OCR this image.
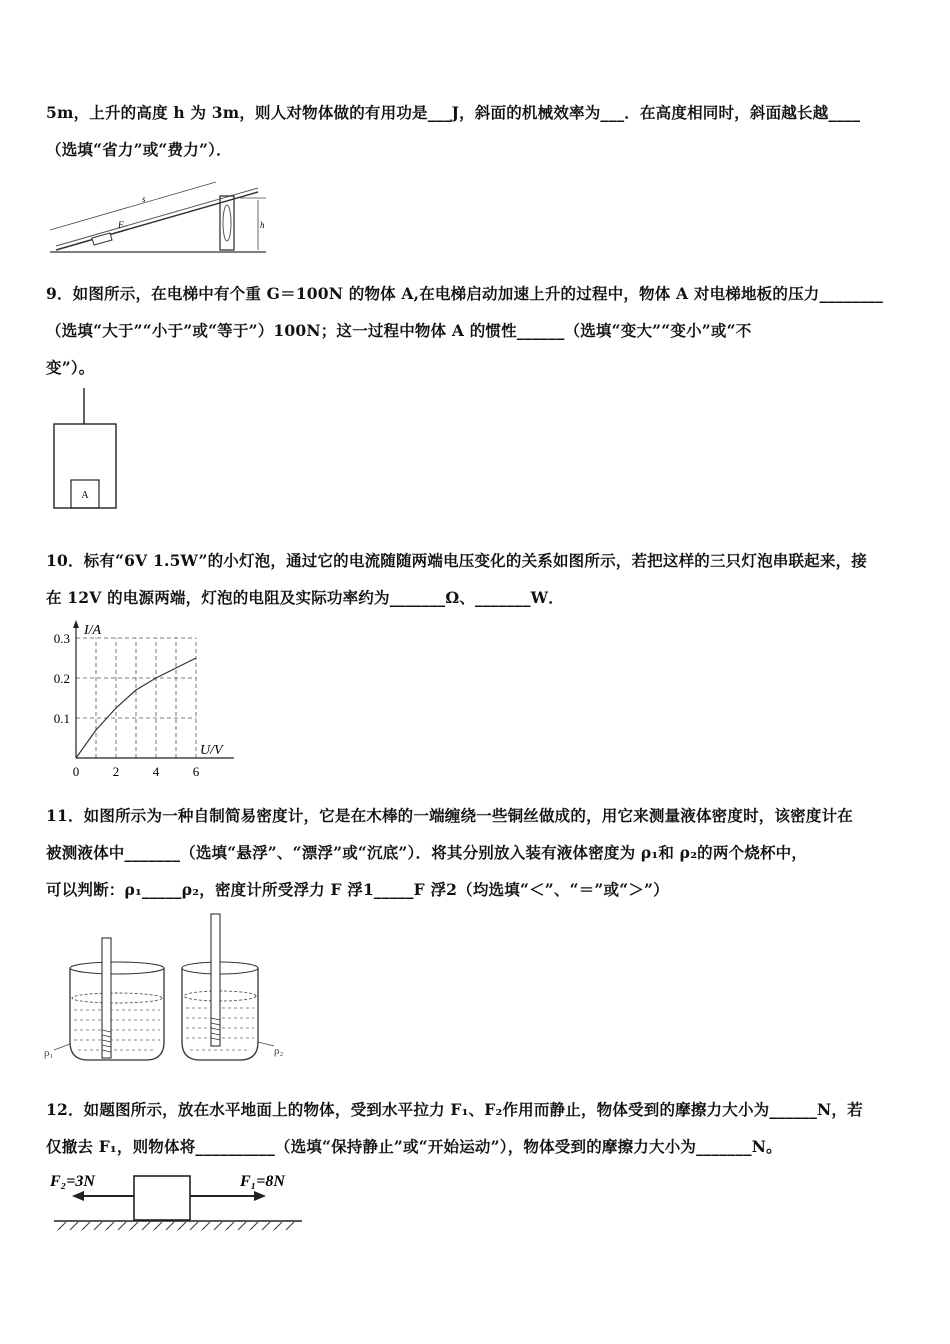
5m，上升的高度 h 为 3m，则人对物体做的有用功是___J，斜面的机械效率为___．在高度相同时，斜面越长越____
（选填“省力”或“费力”）．
h
s
F
9．如图所示，在电梯中有个重 G＝100N 的物体 A,在电梯启动加速上升的过程中，物体 A 对电梯地板的压力________
（选填“大于”“小于”或“等于”）100N；这一过程中物体 A 的惯性______（选填“变大”“变小”或“不
变”）。
A
10．标有“6V 1.5W”的小灯泡，通过它的电流随随两端电压变化的关系如图所示，若把这样的三只灯泡串联起来，接
在 12V 的电源两端，灯泡的电阻及实际功率约为_______Ω、_______W．
0	2	4	6
0.1
0.2
0.3
I/A
U/V
11．如图所示为一种自制简易密度计，它是在木棒的一端缠绕一些铜丝做成的，用它来测量液体密度时，该密度计在
被测液体中_______（选填“悬浮”、“漂浮”或“沉底”）．将其分别放入装有液体密度为 ρ₁和 ρ₂的两个烧杯中，
可以判断：ρ₁_____ρ₂，密度计所受浮力 F 浮1_____F 浮2（均选填“＜”、“＝”或“＞”）
ρ₁	ρ₂
12．如题图所示，放在水平地面上的物体，受到水平拉力 F₁、F₂作用而静止，物体受到的摩擦力大小为______N，若
仅撤去 F₁，则物体将__________（选填“保持静止”或“开始运动”），物体受到的摩擦力大小为_______N。
F₂=3N	F₁=8N
